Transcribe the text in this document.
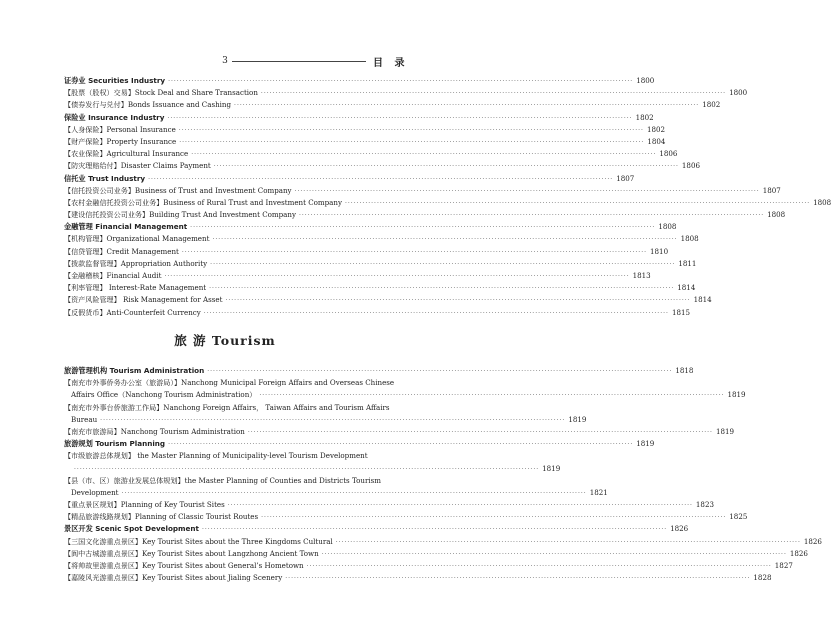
3	目 录
证券业 Securities Industry ································································································································································ 1800
【股票（股权）交易】Stock Deal and Share Transaction ································································································································································ 1800
【债券发行与兑付】Bonds Issuance and Cashing ································································································································································ 1802
保险业 Insurance Industry ································································································································································ 1802
【人身保险】Personal Insurance ································································································································································ 1802
【财产保险】Property Insurance ································································································································································ 1804
【农业保险】Agricultural Insurance ································································································································································ 1806
【防灾理赔给付】Disaster Claims Payment ································································································································································ 1806
信托业 Trust Industry ································································································································································ 1807
【信托投资公司业务】Business of Trust and Investment Company ································································································································································ 1807
【农村金融信托投资公司业务】Business of Rural Trust and Investment Company ································································································································································ 1808
【建设信托投资公司业务】Building Trust And Investment Company ································································································································································ 1808
金融管理 Financial Management ································································································································································ 1808
【机构管理】Organizational Management ································································································································································ 1808
【信贷管理】Credit Management ································································································································································ 1810
【拨款监督管理】Appropriation Authority ································································································································································ 1811
【金融稽核】Financial Audit ································································································································································ 1813
【利率管理】 Interest-Rate Management ································································································································································ 1814
【资产风险管理】 Risk Management for Asset ································································································································································ 1814
【反假货币】Anti-Counterfeit Currency ································································································································································ 1815
旅 游 Tourism
旅游管理机构 Tourism Administration ································································································································································ 1818
【南充市外事侨务办公室（旅游局）】Nanchong Municipal Foreign Affairs and Overseas Chinese
Affairs Office（Nanchong Tourism Administration） ································································································································································ 1819
【南充市外事台侨旅游工作局】Nanchong Foreign Affairs， Taiwan Affairs and Tourism Affairs
Bureau ································································································································································ 1819
【南充市旅游局】Nanchong Tourism Administration ································································································································································ 1819
旅游规划 Tourism Planning ································································································································································ 1819
【市级旅游总体规划】 the Master Planning of Municipality-level Tourism Development
································································································································································ 1819
【县（市、区）旅游业发展总体规划】the Master Planning of Counties and Districts Tourism
Development ································································································································································ 1821
【重点景区规划】Planning of Key Tourist Sites ································································································································································ 1823
【精品旅游线路规划】Planning of Classic Tourist Routes ································································································································································ 1825
景区开发 Scenic Spot Development ································································································································································ 1826
【三国文化游重点景区】Key Tourist Sites about the Three Kingdoms Cultural ································································································································································ 1826
【阆中古城游重点景区】Key Tourist Sites about Langzhong Ancient Town ································································································································································ 1826
【将帅故里游重点景区】Key Tourist Sites about General’s Hometown ································································································································································ 1827
【嘉陵风光游重点景区】Key Tourist Sites about Jialing Scenery ································································································································································ 1828
